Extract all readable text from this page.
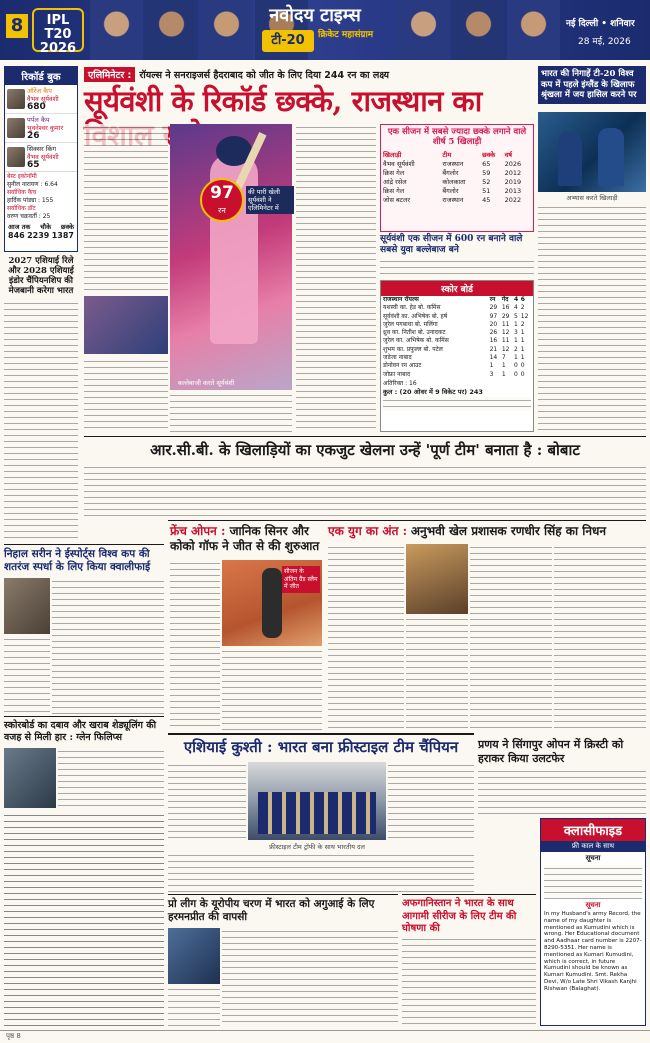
8	IPL T20 2026
नवोदय टाइम्स
टी-20	क्रिकेट महासंग्राम
नई दिल्ली • शनिवार
28 मई, 2026
रिकॉर्ड बुक
ऑरेंज कैप
वैभव सूर्यवंशी
680
पर्पल कैप
भुवनेश्वर कुमार
26
सिक्सर किंग
वैभव सूर्यवंशी
65
बेस्ट इकोनॉमी
सुनील नारायण : 6.64
सर्वाधिक कैच
हार्दिक पांड्या : 155
सर्वाधिक डॉट
वरुण चक्रवर्ती : 25
आज तक चौके छक्के
846 2239 1387
2027 एशियाई रिले और 2028 एशियाई इंडोर चैंपियनशिप की मेजबानी करेगा भारत
एलिमिनेटर : रॉयल्स ने सनराइजर्स हैदराबाद को जीत के लिए दिया 244 रन का लक्ष्य
सूर्यवंशी के रिकॉर्ड छक्के, राजस्थान का
97
रन
की पारी खेली सूर्यवंशी ने एलिमिनेटर में
बल्लेबाजी करते सूर्यवंशी
एक सीजन में सबसे ज्यादा छक्के लगाने वाले शीर्ष 5 खिलाड़ी
खिलाड़ी	टीम	छक्के	वर्ष
वैभव सूर्यवंशी	राजस्थान	65	2026
क्रिस गेल	बैंगलोर	59	2012
आंद्रे रसेल	कोलकाता	52	2019
क्रिस गेल	बैंगलोर	51	2013
जोस बटलर	राजस्थान	45	2022
सूर्यवंशी एक सीजन में 600 रन बनाने वाले सबसे युवा बल्लेबाज बने
स्कोर बोर्ड
राजस्थान रॉयल्स	रन	गेंद	4	6
यशस्वी का. हेड बो. कमिंस	29	16	4	2
सूर्यवंशी का. अभिषेक बो. हर्ष	97	29	5	12
जुरेल पगबाधा बो. मलिंगा	20	11	1	2
ध्रुव का. नितीश बो. उनादकट	26	12	3	1
जुरेल का. अभिषेक बो. कमिंस	16	11	1	1
शुभम का. प्रफुल्ल बो. पटेल	21	12	2	1
जडेजा नाबाद	14	7	1	1
डोनोवन रन आउट	1	1	0	0
जोफ्रा नाबाद	3	1	0	0
अतिरिक्त : 16
कुल : (20 ओवर में 9 विकेट पर) 243
भारत की निगाहें टी-20 विश्व कप में पहले इंग्लैंड के खिलाफ श्रृंखला में जय हासिल करने पर
अभ्यास करते खिलाड़ी
आर.सी.बी. के खिलाड़ियों का एकजुट खेलना उन्हें 'पूर्ण टीम' बनाता है : बोबाट
निहाल सरीन ने ईस्पोर्ट्स विश्व कप की शतरंज स्पर्धा के लिए किया क्वालीफाई
स्कोरबोर्ड का दबाव और खराब शेड्यूलिंग की वजह से मिली हार : ग्लेन फिलिप्स
फ्रेंच ओपन : जानिक सिनर और
कोको गॉफ ने जीत से की शुरुआत
सीजन के अंतिम ग्रैंड स्लैम में जीत
एक युग का अंत : अनुभवी खेल प्रशासक रणधीर सिंह का निधन
एशियाई कुश्ती : भारत बना फ्रीस्टाइल टीम चैंपियन
फ्रीस्टाइल टीम ट्रॉफी के साथ भारतीय दल
प्रणय ने सिंगापुर ओपन में क्रिस्टी को हराकर किया उलटफेर
प्रो लीग के यूरोपीय चरण में भारत को अगुआई के लिए हरमनप्रीत की वापसी
अफगानिस्तान ने भारत के साथ आगामी सीरीज के लिए टीम की घोषणा की
क्लासीफाइड
फ्री काल के साथ
सूचना
सूचना
In my Husband's army Record, the name of my daughter is mentioned as Kumudini which is wrong. Her Educational document and Aadhaar card number is 2207-8290-5351. Her name is mentioned as Kumari Kumudini, which is correct, in future Kumudini should be known as Kumari Kumudini. Smt. Rekha Devi, W/o Late Shri Vikash Kanjhi Rishwan (Balaghat).
पृष्ठ 8
